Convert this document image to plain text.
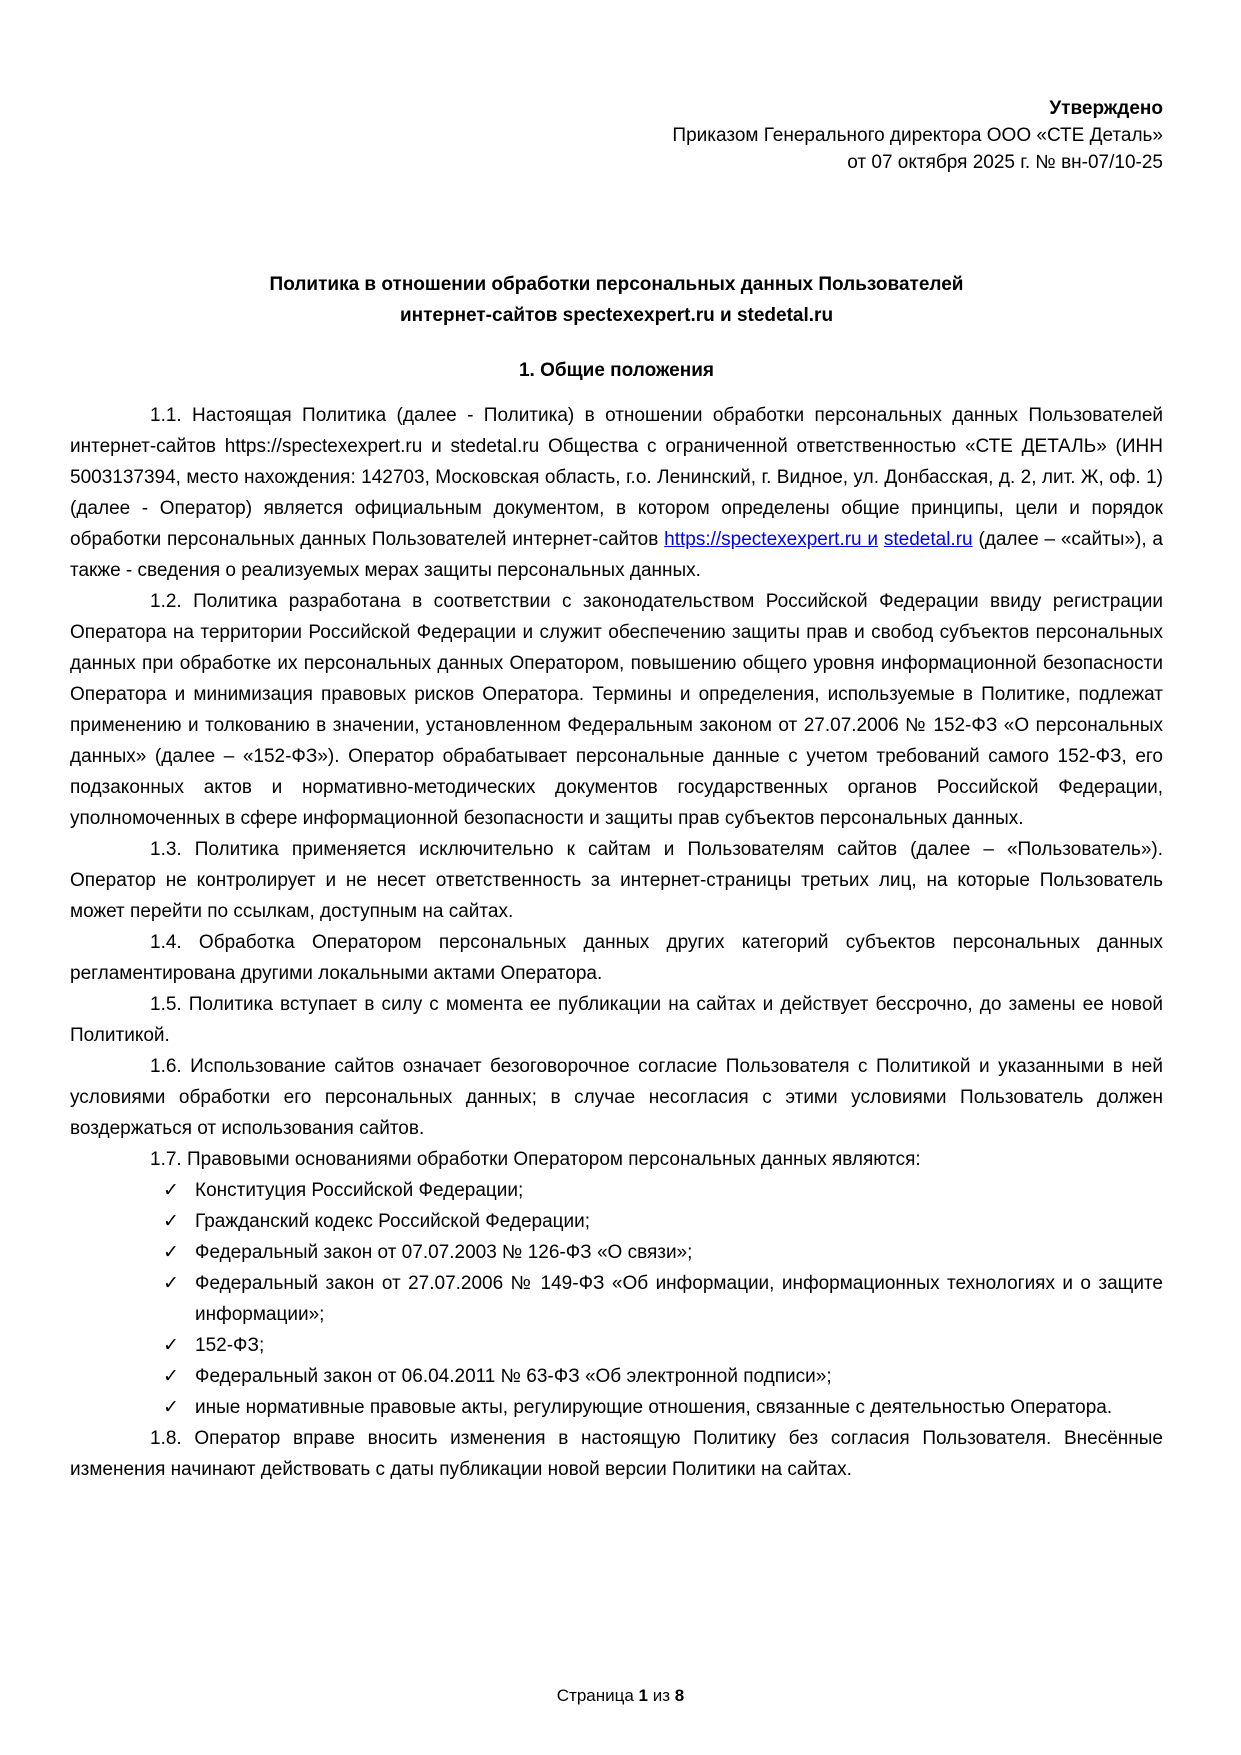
Утверждено
Приказом Генерального директора ООО «СТЕ Деталь»
от 07 октября 2025 г. № вн-07/10-25
Политика в отношении обработки персональных данных Пользователей
интернет-сайтов spectexexpert.ru и stedetal.ru
1. Общие положения

1.1. Настоящая Политика (далее - Политика) в отношении обработки персональных данных Пользователей интернет-сайтов https://spectexexpert.ru и stedetal.ru Общества с ограниченной ответственностью «СТЕ ДЕТАЛЬ» (ИНН 5003137394, место нахождения: 142703, Московская область, г.о. Ленинский, г. Видное, ул. Донбасская, д. 2, лит. Ж, оф. 1) (далее - Оператор) является официальным документом, в котором определены общие принципы, цели и порядок обработки персональных данных Пользователей интернет-сайтов https://spectexexpert.ru и stedetal.ru (далее – «сайты»), а также - сведения о реализуемых мерах защиты персональных данных.

1.2. Политика разработана в соответствии с законодательством Российской Федерации ввиду регистрации Оператора на территории Российской Федерации и служит обеспечению защиты прав и свобод субъектов персональных данных при обработке их персональных данных Оператором, повышению общего уровня информационной безопасности Оператора и минимизация правовых рисков Оператора. Термины и определения, используемые в Политике, подлежат применению и толкованию в значении, установленном Федеральным законом от 27.07.2006 № 152-ФЗ «О персональных данных» (далее – «152-ФЗ»). Оператор обрабатывает персональные данные с учетом требований самого 152-ФЗ, его подзаконных актов и нормативно-методических документов государственных органов Российской Федерации, уполномоченных в сфере информационной безопасности и защиты прав субъектов персональных данных.

1.3. Политика применяется исключительно к сайтам и Пользователям сайтов (далее – «Пользователь»). Оператор не контролирует и не несет ответственность за интернет-страницы третьих лиц, на которые Пользователь может перейти по ссылкам, доступным на сайтах.

1.4. Обработка Оператором персональных данных других категорий субъектов персональных данных регламентирована другими локальными актами Оператора.

1.5. Политика вступает в силу с момента ее публикации на сайтах и действует бессрочно, до замены ее новой Политикой.

1.6. Использование сайтов означает безоговорочное согласие Пользователя с Политикой и указанными в ней условиями обработки его персональных данных; в случае несогласия с этими условиями Пользователь должен воздержаться от использования сайтов.

1.7. Правовыми основаниями обработки Оператором персональных данных являются:

✓ Конституция Российской Федерации;
✓ Гражданский кодекс Российской Федерации;
✓ Федеральный закон от 07.07.2003 № 126-ФЗ «О связи»;
✓ Федеральный закон от 27.07.2006 № 149-ФЗ «Об информации, информационных технологиях и о защите информации»;
✓ 152-ФЗ;
✓ Федеральный закон от 06.04.2011 № 63-ФЗ «Об электронной подписи»;
✓ иные нормативные правовые акты, регулирующие отношения, связанные с деятельностью Оператора.

1.8. Оператор вправе вносить изменения в настоящую Политику без согласия Пользователя. Внесённые изменения начинают действовать с даты публикации новой версии Политики на сайтах.

Страница 1 из 8
